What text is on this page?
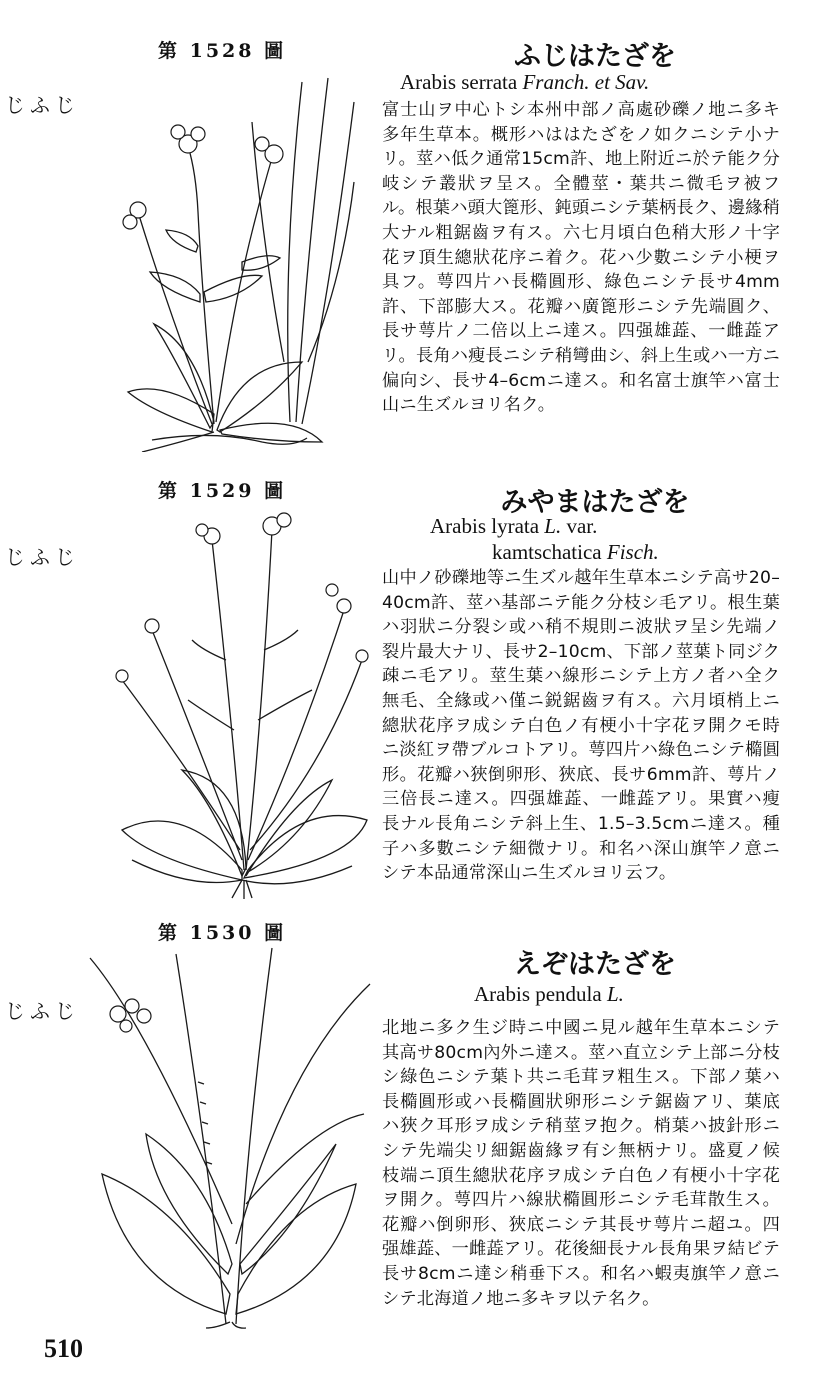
第 1528 圖
じふじ
ふじはたざを
Arabis serrata Franch. et Sav.
富士山ヲ中心トシ本州中部ノ高處砂礫ノ地ニ多キ多年生草本。概形ハははたざをノ如クニシテ小ナリ。莖ハ低ク通常15cm許、地上附近ニ於テ能ク分岐シテ叢狀ヲ呈ス。全體莖・葉共ニ微毛ヲ被フル。根葉ハ頭大篦形、鈍頭ニシテ葉柄長ク、邊緣稍大ナル粗鋸齒ヲ有ス。六七月頃白色稍大形ノ十字花ヲ頂生總狀花序ニ着ク。花ハ少數ニシテ小梗ヲ具フ。萼四片ハ長橢圓形、綠色ニシテ長サ4mm許、下部膨大ス。花瓣ハ廣篦形ニシテ先端圓ク、長サ萼片ノ二倍以上ニ達ス。四强雄蕋、一雌蕋アリ。長角ハ瘦長ニシテ稍彎曲シ、斜上生或ハ一方ニ偏向シ、長サ4–6cmニ達ス。和名富士旗竿ハ富士山ニ生ズルヨリ名ク。
第 1529 圖
じふじ
みやまはたざを
Arabis lyrata L. var.
kamtschatica Fisch.
山中ノ砂礫地等ニ生ズル越年生草本ニシテ高サ20–40cm許、莖ハ基部ニテ能ク分枝シ毛アリ。根生葉ハ羽狀ニ分裂シ或ハ稍不規則ニ波狀ヲ呈シ先端ノ裂片最大ナリ、長サ2–10cm、下部ノ莖葉ト同ジク疎ニ毛アリ。莖生葉ハ線形ニシテ上方ノ者ハ全ク無毛、全緣或ハ僅ニ鋭鋸齒ヲ有ス。六月頃梢上ニ總狀花序ヲ成シテ白色ノ有梗小十字花ヲ開クモ時ニ淡紅ヲ帶ブルコトアリ。萼四片ハ綠色ニシテ橢圓形。花瓣ハ狹倒卵形、狹底、長サ6mm許、萼片ノ三倍長ニ達ス。四强雄蕋、一雌蕋アリ。果實ハ瘦長ナル長角ニシテ斜上生、1.5–3.5cmニ達ス。種子ハ多數ニシテ細微ナリ。和名ハ深山旗竿ノ意ニシテ本品通常深山ニ生ズルヨリ云フ。
第 1530 圖
じふじ
えぞはたざを
Arabis pendula L.
北地ニ多ク生ジ時ニ中國ニ見ル越年生草本ニシテ其高サ80cm內外ニ達ス。莖ハ直立シテ上部ニ分枝シ綠色ニシテ葉ト共ニ毛茸ヲ粗生ス。下部ノ葉ハ長橢圓形或ハ長橢圓狀卵形ニシテ鋸齒アリ、葉底ハ狹ク耳形ヲ成シテ稍莖ヲ抱ク。梢葉ハ披針形ニシテ先端尖リ細鋸齒緣ヲ有シ無柄ナリ。盛夏ノ候枝端ニ頂生總狀花序ヲ成シテ白色ノ有梗小十字花ヲ開ク。萼四片ハ線狀橢圓形ニシテ毛茸散生ス。花瓣ハ倒卵形、狹底ニシテ其長サ萼片ニ超ユ。四强雄蕋、一雌蕋アリ。花後細長ナル長角果ヲ結ビテ長サ8cmニ達シ稍垂下ス。和名ハ蝦夷旗竿ノ意ニシテ北海道ノ地ニ多キヲ以テ名ク。
510
